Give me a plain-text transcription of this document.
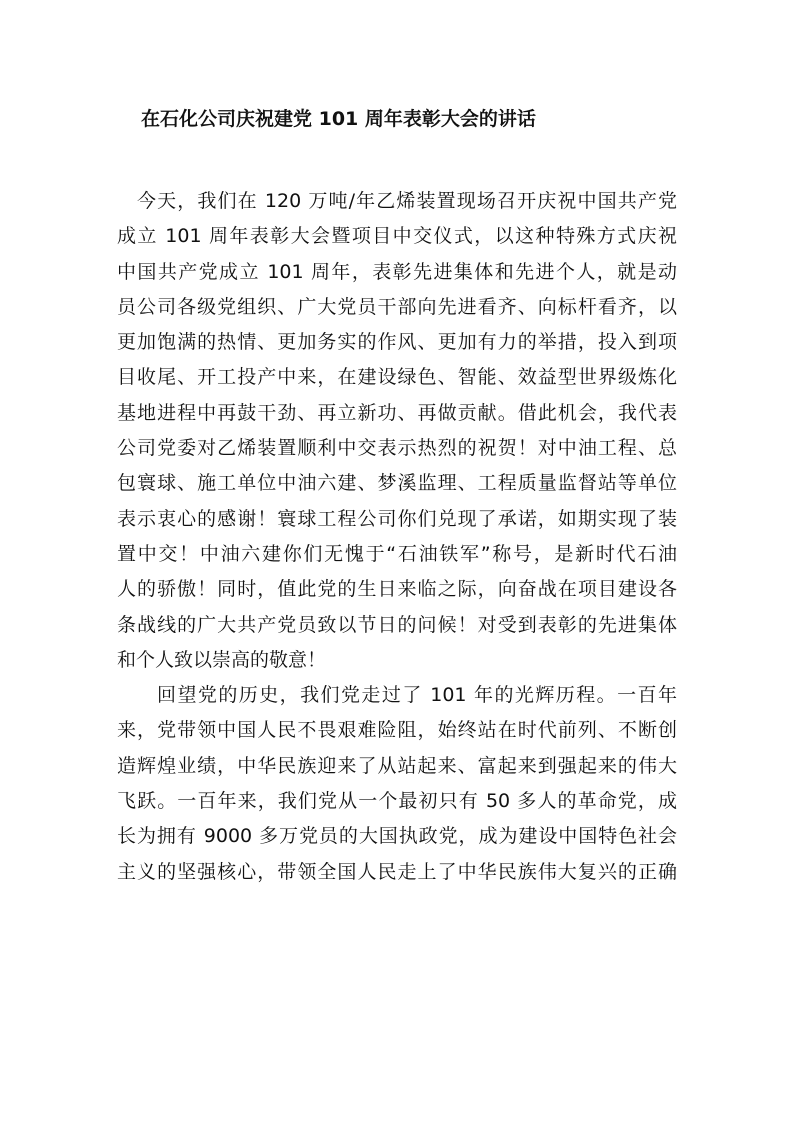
在石化公司庆祝建党 101 周年表彰大会的讲话

今天，我们在 120 万吨/年乙烯装置现场召开庆祝中国共产党

成立 101 周年表彰大会暨项目中交仪式，以这种特殊方式庆祝

中国共产党成立 101 周年，表彰先进集体和先进个人，就是动

员公司各级党组织、广大党员干部向先进看齐、向标杆看齐，以

更加饱满的热情、更加务实的作风、更加有力的举措，投入到项

目收尾、开工投产中来，在建设绿色、智能、效益型世界级炼化

基地进程中再鼓干劲、再立新功、再做贡献。借此机会，我代表

公司党委对乙烯装置顺利中交表示热烈的祝贺！对中油工程、总

包寰球、施工单位中油六建、梦溪监理、工程质量监督站等单位

表示衷心的感谢！寰球工程公司你们兑现了承诺，如期实现了装

置中交！中油六建你们无愧于“石油铁军”称号，是新时代石油

人的骄傲！同时，值此党的生日来临之际，向奋战在项目建设各

条战线的广大共产党员致以节日的问候！对受到表彰的先进集体

和个人致以崇高的敬意！

回望党的历史，我们党走过了 101 年的光辉历程。一百年

来，党带领中国人民不畏艰难险阻，始终站在时代前列、不断创

造辉煌业绩，中华民族迎来了从站起来、富起来到强起来的伟大

飞跃。一百年来，我们党从一个最初只有 50 多人的革命党，成

长为拥有 9000 多万党员的大国执政党，成为建设中国特色社会

主义的坚强核心，带领全国人民走上了中华民族伟大复兴的正确
